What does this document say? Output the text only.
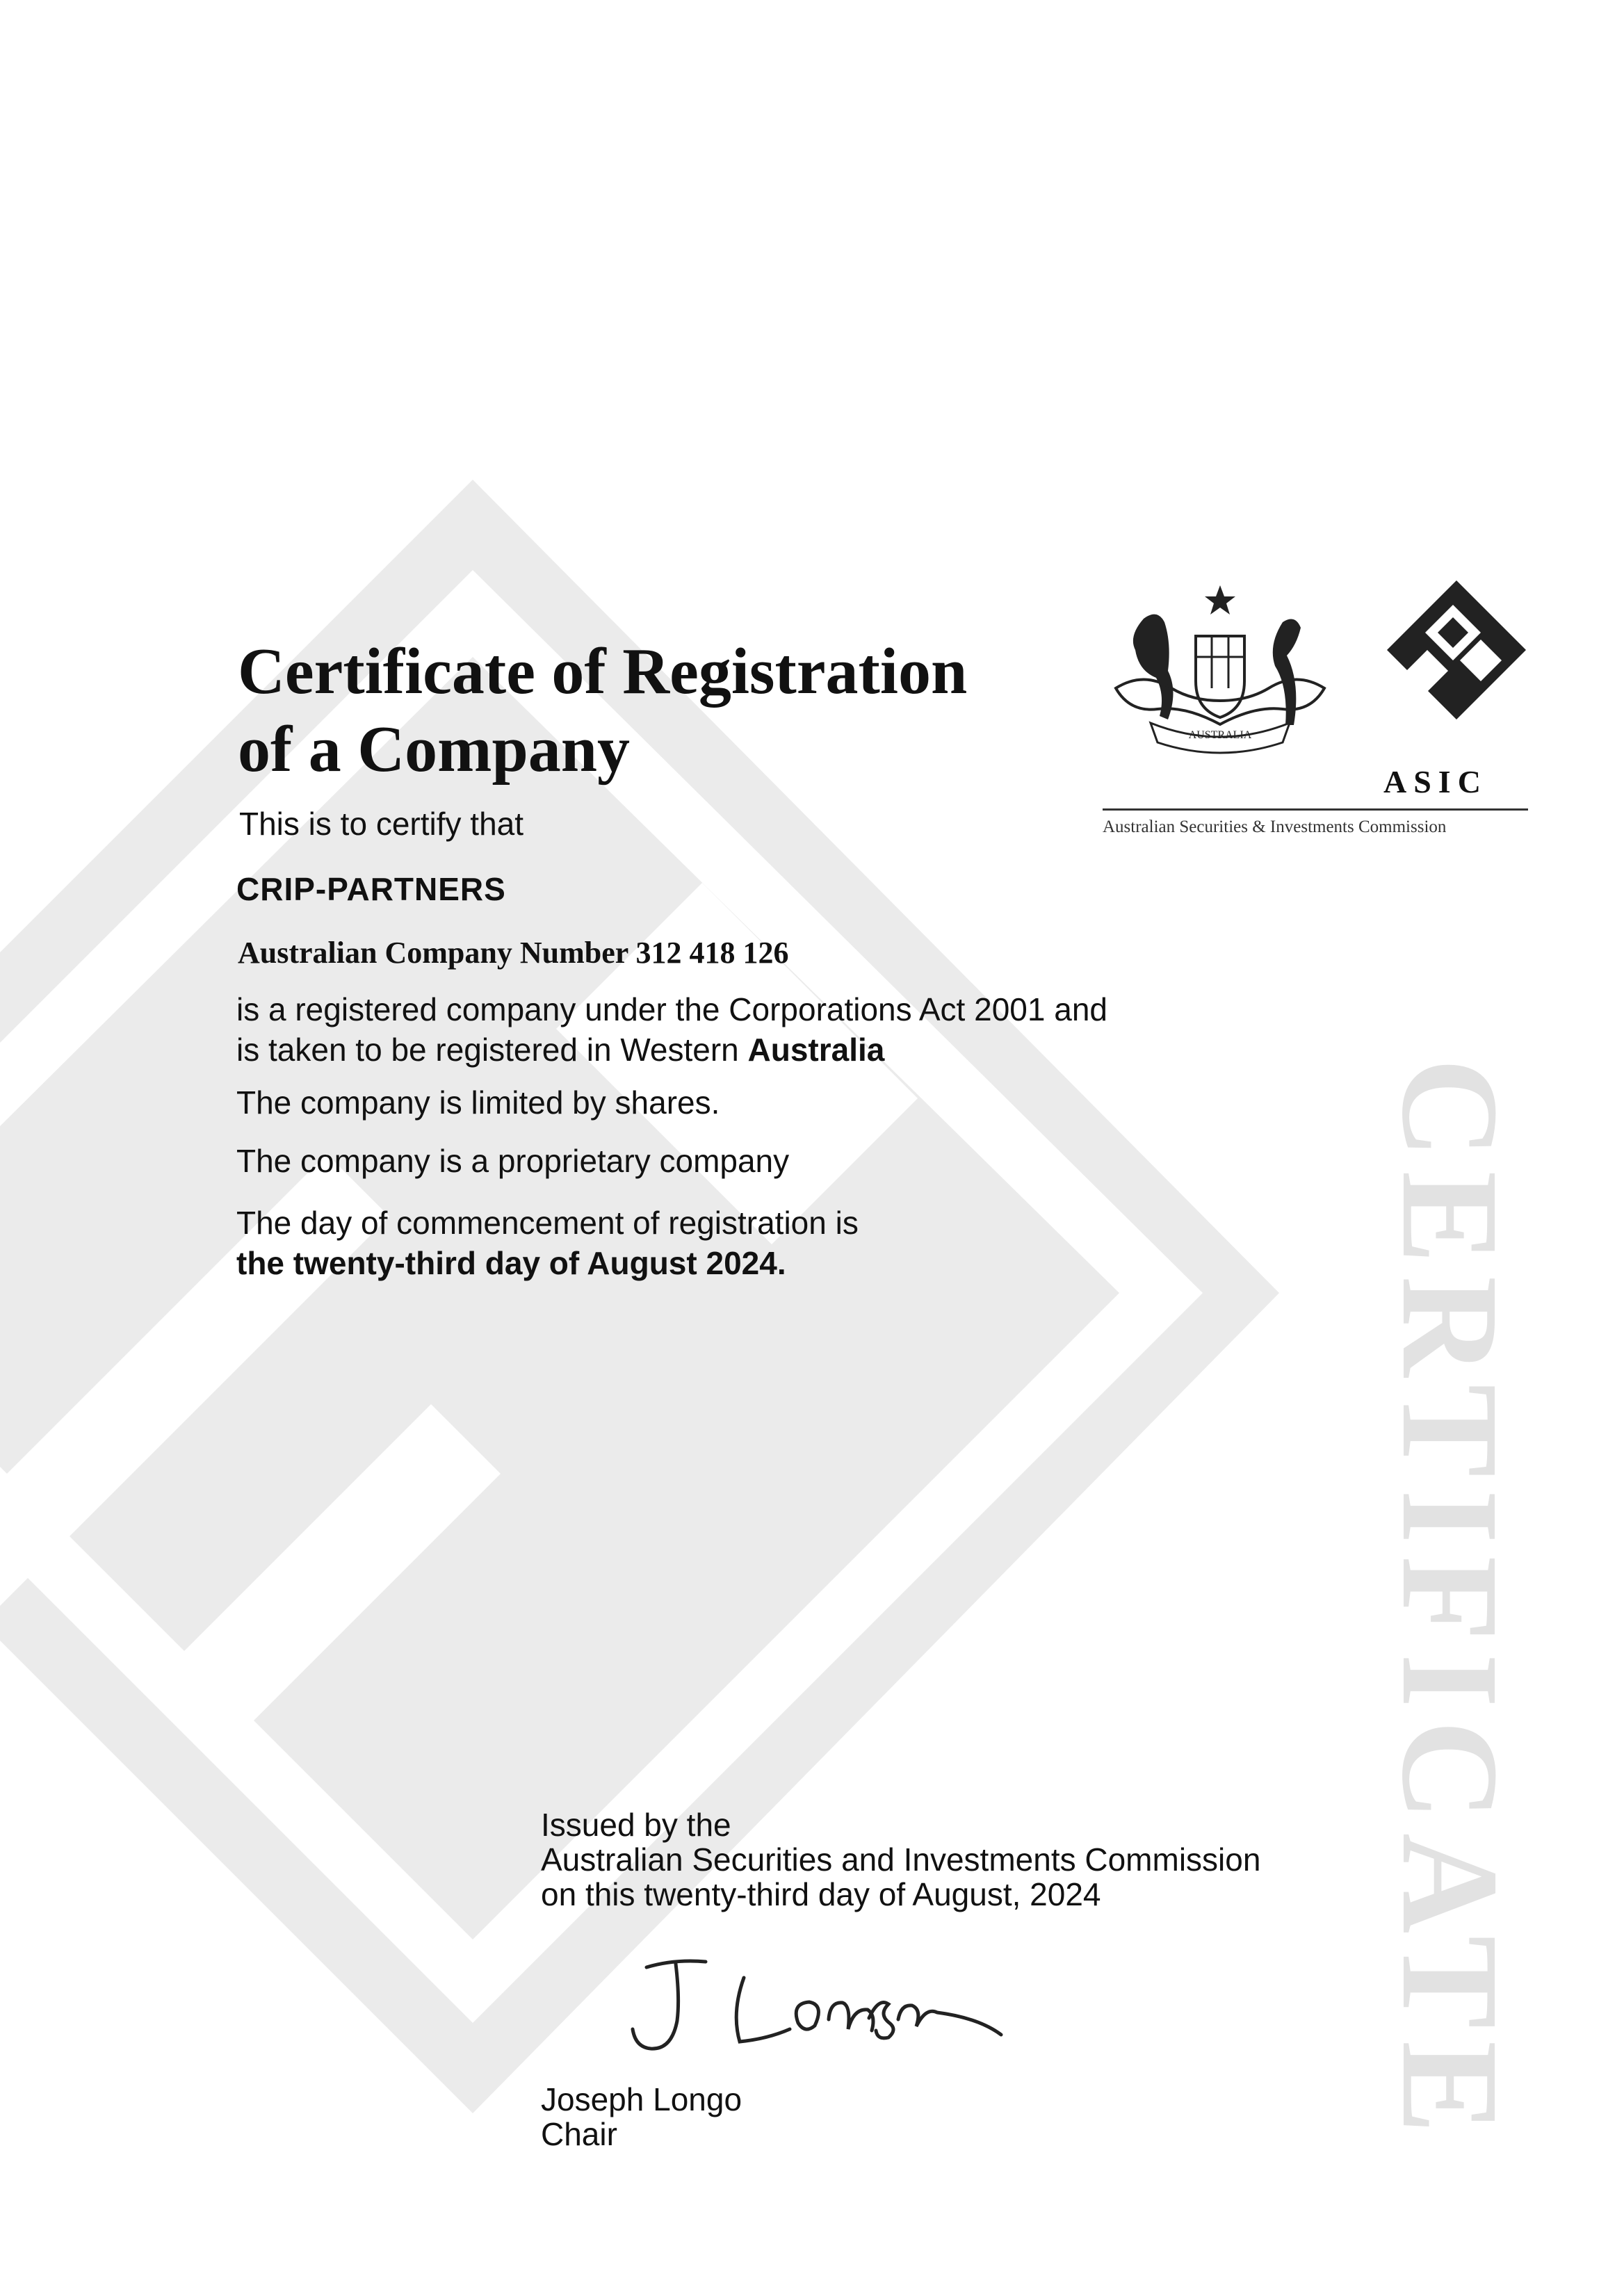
CERTIFICATE
AUSTRALIA
ASIC
Australian Securities & Investments Commission
Certificate of Registration
of a Company

This is to certify that

CRIP-PARTNERS

Australian Company Number 312 418 126

is a registered company under the Corporations Act 2001 and
is taken to be registered in Western Australia
The company is limited by shares.
The company is a proprietary company
The day of commencement of registration is
the twenty-third day of August 2024.
Issued by the
Australian Securities and Investments Commission
on this twenty-third day of August, 2024
Joseph Longo
Chair
